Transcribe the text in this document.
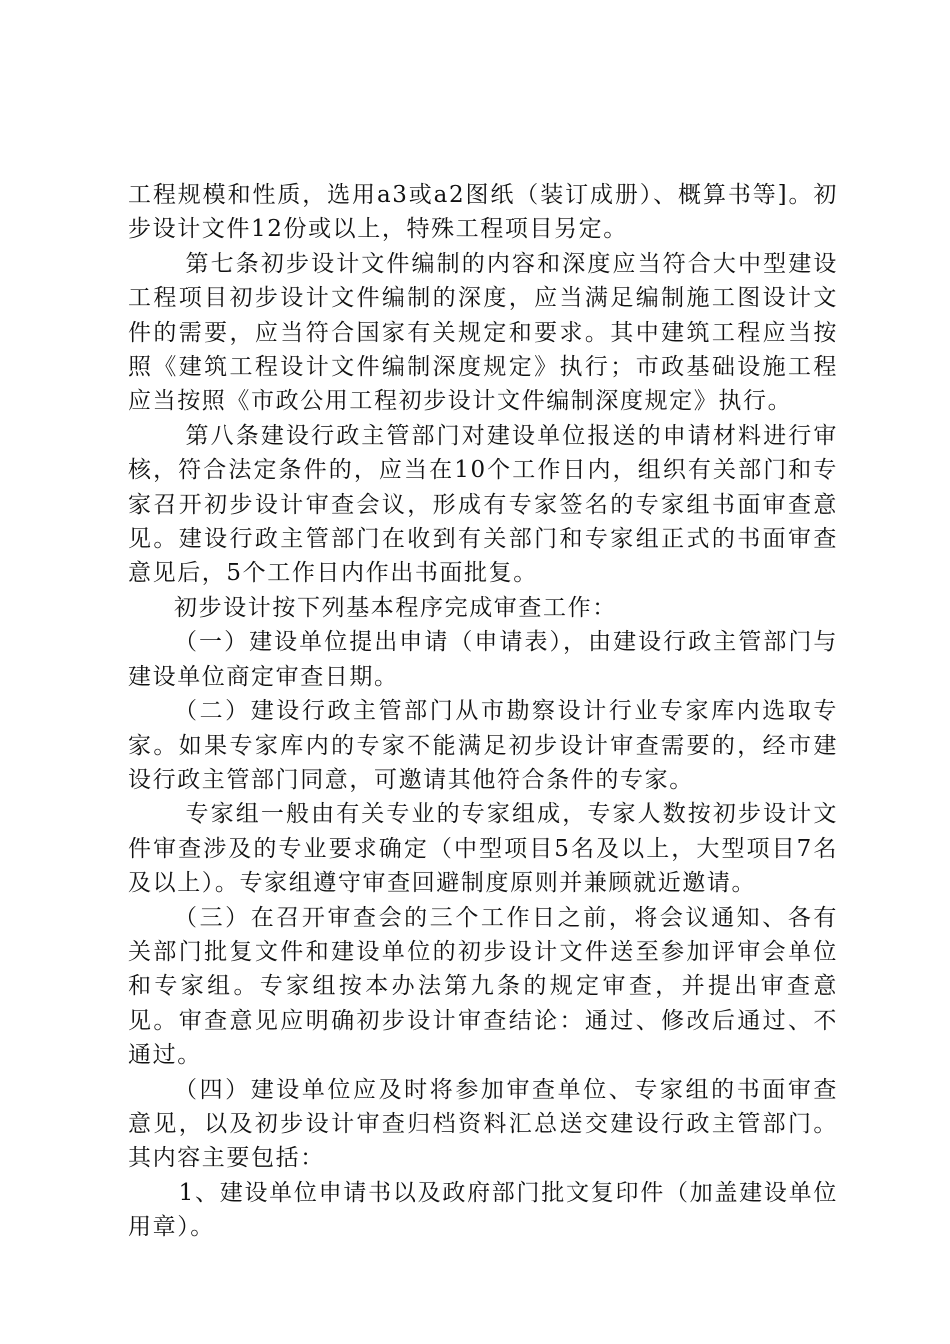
工程规模和性质，选用a3或a2图纸（装订成册）、概算书等]。初步设计文件12份或以上，特殊工程项目另定。

第七条初步设计文件编制的内容和深度应当符合大中型建设工程项目初步设计文件编制的深度，应当满足编制施工图设计文件的需要，应当符合国家有关规定和要求。其中建筑工程应当按照《建筑工程设计文件编制深度规定》执行；市政基础设施工程应当按照《市政公用工程初步设计文件编制深度规定》执行。

第八条建设行政主管部门对建设单位报送的申请材料进行审核，符合法定条件的，应当在10个工作日内，组织有关部门和专家召开初步设计审查会议，形成有专家签名的专家组书面审查意见。建设行政主管部门在收到有关部门和专家组正式的书面审查意见后，5个工作日内作出书面批复。

初步设计按下列基本程序完成审查工作：

（一）建设单位提出申请（申请表），由建设行政主管部门与建设单位商定审查日期。

（二）建设行政主管部门从市勘察设计行业专家库内选取专家。如果专家库内的专家不能满足初步设计审查需要的，经市建设行政主管部门同意，可邀请其他符合条件的专家。

专家组一般由有关专业的专家组成，专家人数按初步设计文件审查涉及的专业要求确定（中型项目5名及以上，大型项目7名及以上）。专家组遵守审查回避制度原则并兼顾就近邀请。

（三）在召开审查会的三个工作日之前，将会议通知、各有关部门批复文件和建设单位的初步设计文件送至参加评审会单位和专家组。专家组按本办法第九条的规定审查，并提出审查意见。审查意见应明确初步设计审查结论：通过、修改后通过、不通过。

（四）建设单位应及时将参加审查单位、专家组的书面审查意见，以及初步设计审查归档资料汇总送交建设行政主管部门。其内容主要包括：

1、建设单位申请书以及政府部门批文复印件（加盖建设单位用章）。
